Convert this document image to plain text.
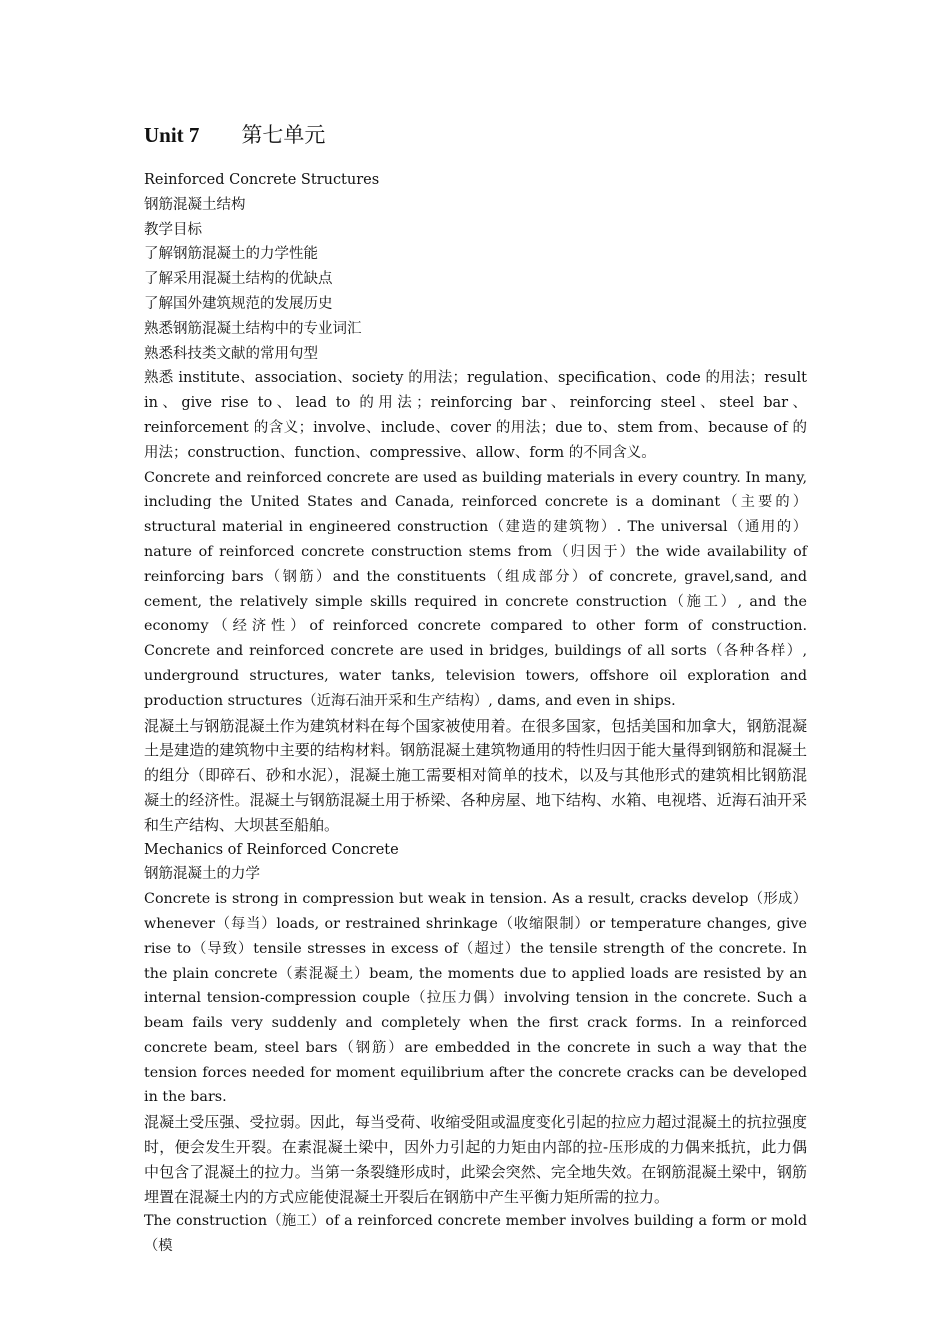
Unit 7 第七单元

Reinforced Concrete Structures

钢筋混凝土结构

教学目标

了解钢筋混凝土的力学性能

了解采用混凝土结构的优缺点

了解国外建筑规范的发展历史

熟悉钢筋混凝土结构中的专业词汇

熟悉科技类文献的常用句型

熟悉 institute、association、society 的用法；regulation、specification、code 的用法；result in、give rise to、lead to 的用法；reinforcing bar、reinforcing steel、steel bar、reinforcement 的含义；involve、include、cover 的用法；due to、stem from、because of 的用法；construction、function、compressive、allow、form 的不同含义。

Concrete and reinforced concrete are used as building materials in every country. In many, including the United States and Canada, reinforced concrete is a dominant（主要的） structural material in engineered construction（建造的建筑物）. The universal（通用的）nature of reinforced concrete construction stems from（归因于）the wide availability of reinforcing bars（钢筋）and the constituents（组成部分）of concrete, gravel,sand, and cement, the relatively simple skills required in concrete construction（施工）, and the economy（经济性）of reinforced concrete compared to other form of construction. Concrete and reinforced concrete are used in bridges, buildings of all sorts（各种各样）, underground structures, water tanks, television towers, offshore oil exploration and production structures（近海石油开采和生产结构）, dams, and even in ships.

混凝土与钢筋混凝土作为建筑材料在每个国家被使用着。在很多国家，包括美国和加拿大，钢筋混凝土是建造的建筑物中主要的结构材料。钢筋混凝土建筑物通用的特性归因于能大量得到钢筋和混凝土的组分（即碎石、砂和水泥），混凝土施工需要相对简单的技术，以及与其他形式的建筑相比钢筋混凝土的经济性。混凝土与钢筋混凝土用于桥梁、各种房屋、地下结构、水箱、电视塔、近海石油开采和生产结构、大坝甚至船舶。

Mechanics of Reinforced Concrete

钢筋混凝土的力学

Concrete is strong in compression but weak in tension. As a result, cracks develop（形成）whenever（每当）loads, or restrained shrinkage（收缩限制）or temperature changes, give rise to（导致）tensile stresses in excess of（超过）the tensile strength of the concrete. In the plain concrete（素混凝土）beam, the moments due to applied loads are resisted by an internal tension-compression couple（拉压力偶）involving tension in the concrete. Such a beam fails very suddenly and completely when the first crack forms. In a reinforced concrete beam, steel bars（钢筋）are embedded in the concrete in such a way that the tension forces needed for moment equilibrium after the concrete cracks can be developed in the bars.

混凝土受压强、受拉弱。因此，每当受荷、收缩受阻或温度变化引起的拉应力超过混凝土的抗拉强度时，便会发生开裂。在素混凝土梁中，因外力引起的力矩由内部的拉-压形成的力偶来抵抗，此力偶中包含了混凝土的拉力。当第一条裂缝形成时，此梁会突然、完全地失效。在钢筋混凝土梁中，钢筋埋置在混凝土内的方式应能使混凝土开裂后在钢筋中产生平衡力矩所需的拉力。

The construction（施工）of a reinforced concrete member involves building a form or mold（模
